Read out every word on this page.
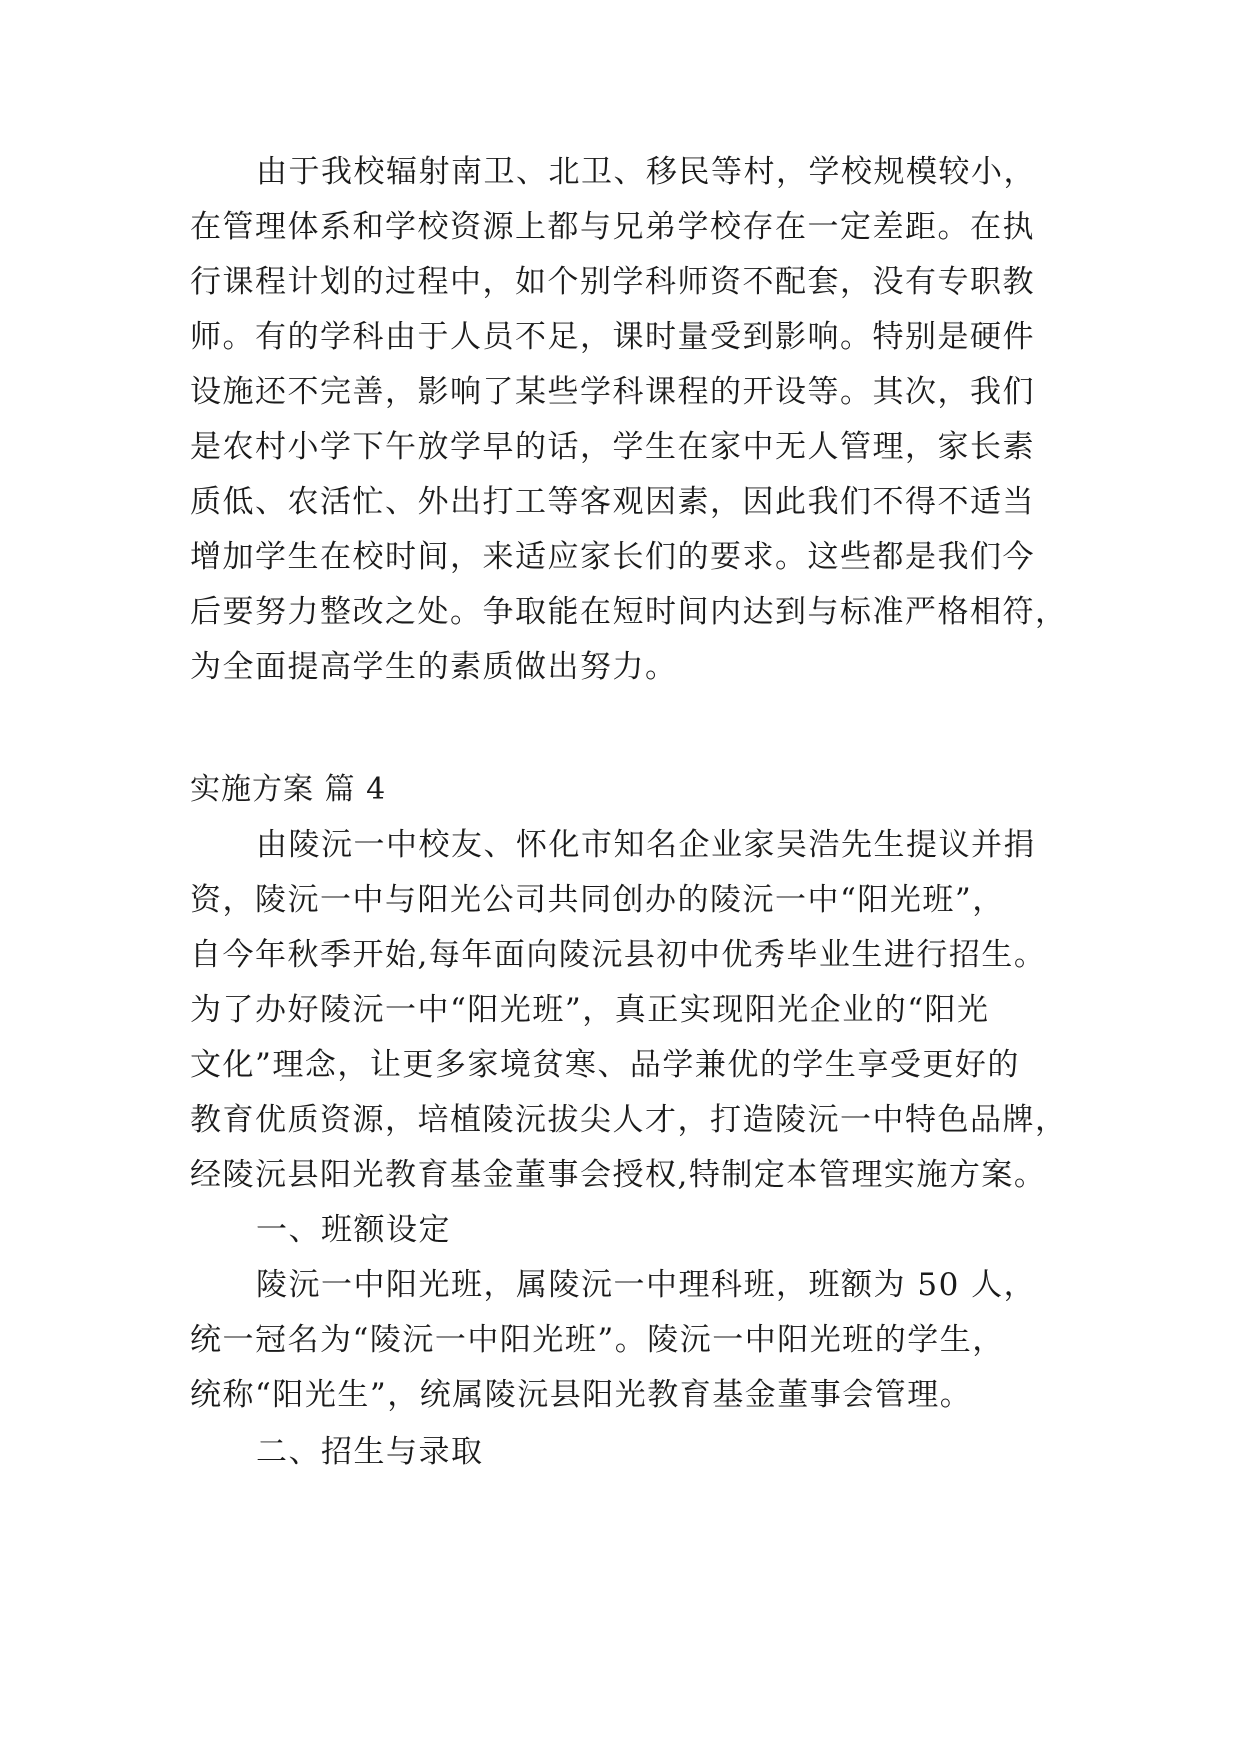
由于我校辐射南卫、北卫、移民等村，学校规模较小，
在管理体系和学校资源上都与兄弟学校存在一定差距。在执
行课程计划的过程中，如个别学科师资不配套，没有专职教
师。有的学科由于人员不足，课时量受到影响。特别是硬件
设施还不完善，影响了某些学科课程的开设等。其次，我们
是农村小学下午放学早的话，学生在家中无人管理，家长素
质低、农活忙、外出打工等客观因素，因此我们不得不适当
增加学生在校时间，来适应家长们的要求。这些都是我们今
后要努力整改之处。争取能在短时间内达到与标准严格相符，
为全面提高学生的素质做出努力。
实施方案 篇 4
由陵沅一中校友、怀化市知名企业家吴浩先生提议并捐
资，陵沅一中与阳光公司共同创办的陵沅一中“阳光班”，
自今年秋季开始,每年面向陵沅县初中优秀毕业生进行招生。
为了办好陵沅一中“阳光班”，真正实现阳光企业的“阳光
文化”理念，让更多家境贫寒、品学兼优的学生享受更好的
教育优质资源，培植陵沅拔尖人才，打造陵沅一中特色品牌，
经陵沅县阳光教育基金董事会授权,特制定本管理实施方案。
一、班额设定
陵沅一中阳光班，属陵沅一中理科班，班额为 50 人，
统一冠名为“陵沅一中阳光班”。陵沅一中阳光班的学生，
统称“阳光生”，统属陵沅县阳光教育基金董事会管理。
二、招生与录取
